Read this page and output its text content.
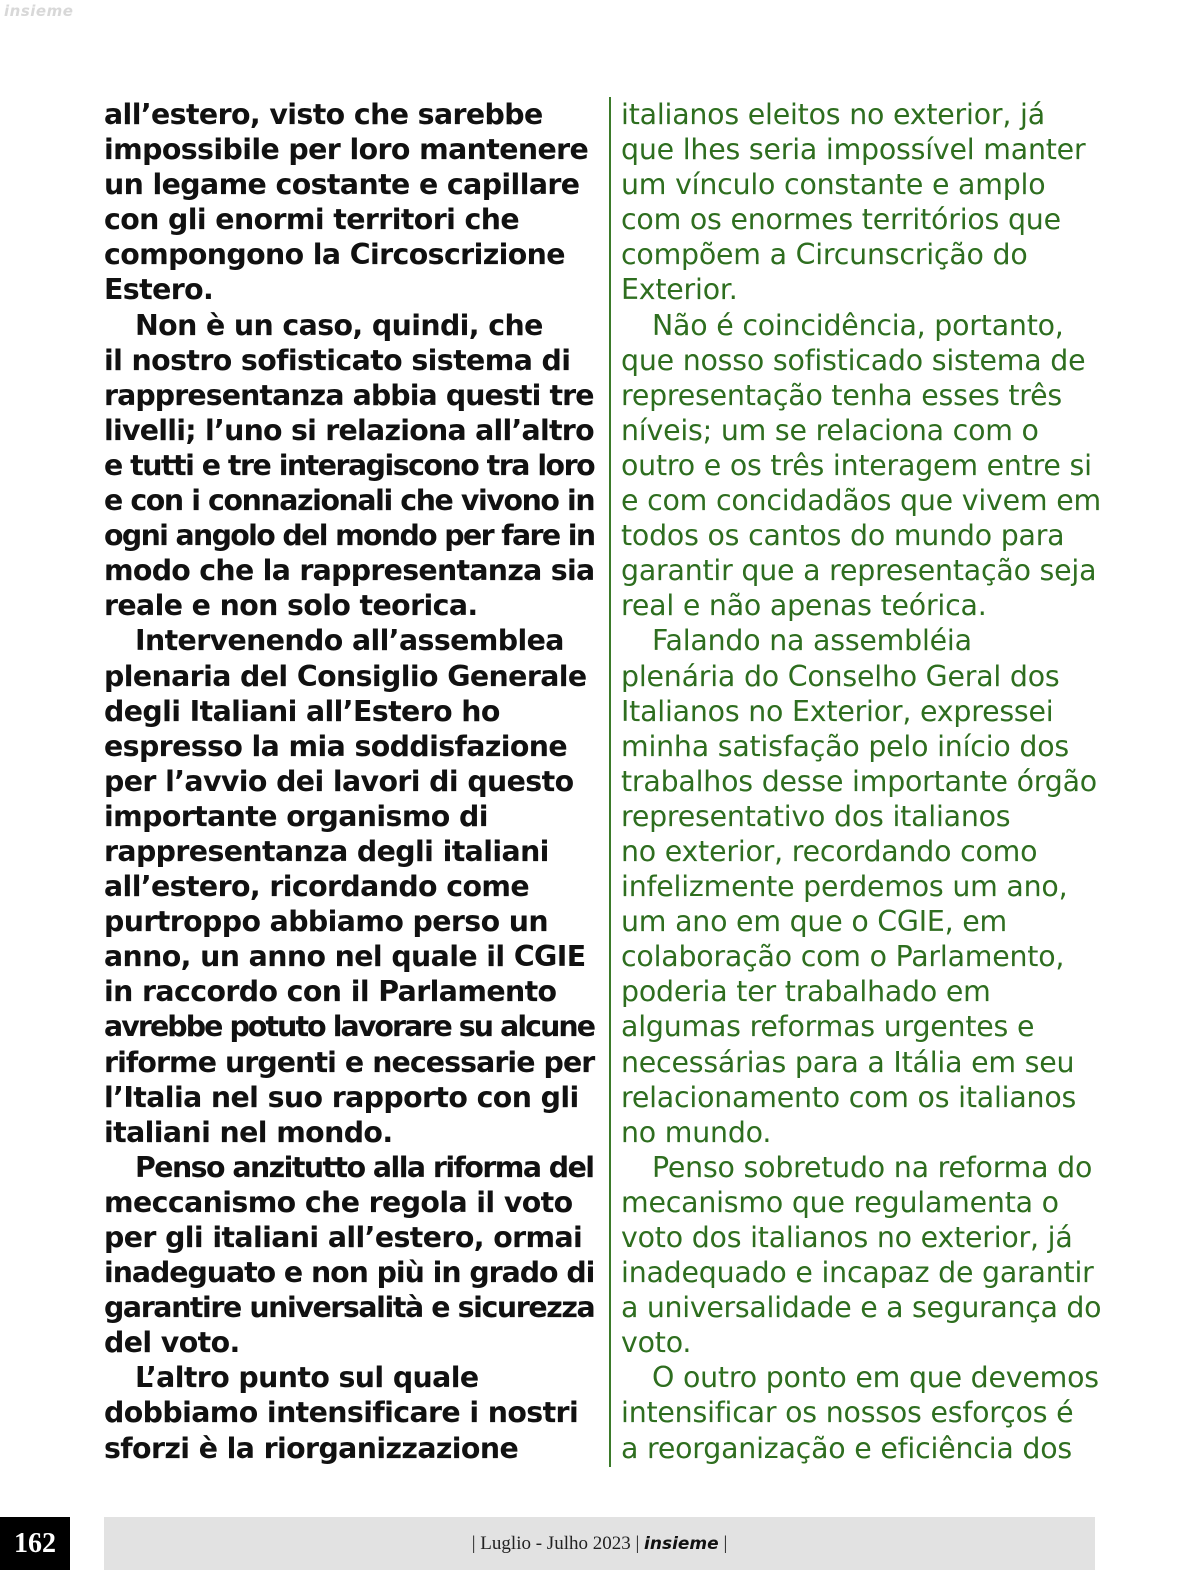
insieme
all’estero, visto che sarebbe
impossibile per loro mantenere
un legame costante e capillare
con gli enormi territori che
compongono la Circoscrizione
Estero.
Non è un caso, quindi, che
il nostro sofisticato sistema di
rappresentanza abbia questi tre
livelli; l’uno si relaziona all’altro
e tutti e tre interagiscono tra loro
e con i connazionali che vivono in
ogni angolo del mondo per fare in
modo che la rappresentanza sia
reale e non solo teorica.
Intervenendo all’assemblea
plenaria del Consiglio Generale
degli Italiani all’Estero ho
espresso la mia soddisfazione
per l’avvio dei lavori di questo
importante organismo di
rappresentanza degli italiani
all’estero, ricordando come
purtroppo abbiamo perso un
anno, un anno nel quale il CGIE
in raccordo con il Parlamento
avrebbe potuto lavorare su alcune
riforme urgenti e necessarie per
l’Italia nel suo rapporto con gli
italiani nel mondo.
Penso anzitutto alla riforma del
meccanismo che regola il voto
per gli italiani all’estero, ormai
inadeguato e non più in grado di
garantire universalità e sicurezza
del voto.
L’altro punto sul quale
dobbiamo intensificare i nostri
sforzi è la riorganizzazione
italianos eleitos no exterior, já
que lhes seria impossível manter
um vínculo constante e amplo
com os enormes territórios que
compõem a Circunscrição do
Exterior.
Não é coincidência, portanto,
que nosso sofisticado sistema de
representação tenha esses três
níveis; um se relaciona com o
outro e os três interagem entre si
e com concidadãos que vivem em
todos os cantos do mundo para
garantir que a representação seja
real e não apenas teórica.
Falando na assembléia
plenária do Conselho Geral dos
Italianos no Exterior, expressei
minha satisfação pelo início dos
trabalhos desse importante órgão
representativo dos italianos
no exterior, recordando como
infelizmente perdemos um ano,
um ano em que o CGIE, em
colaboração com o Parlamento,
poderia ter trabalhado em
algumas reformas urgentes e
necessárias para a Itália em seu
relacionamento com os italianos
no mundo.
Penso sobretudo na reforma do
mecanismo que regulamenta o
voto dos italianos no exterior, já
inadequado e incapaz de garantir
a universalidade e a segurança do
voto.
O outro ponto em que devemos
intensificar os nossos esforços é
a reorganização e eficiência dos
162	| Luglio - Julho 2023 | insieme |
